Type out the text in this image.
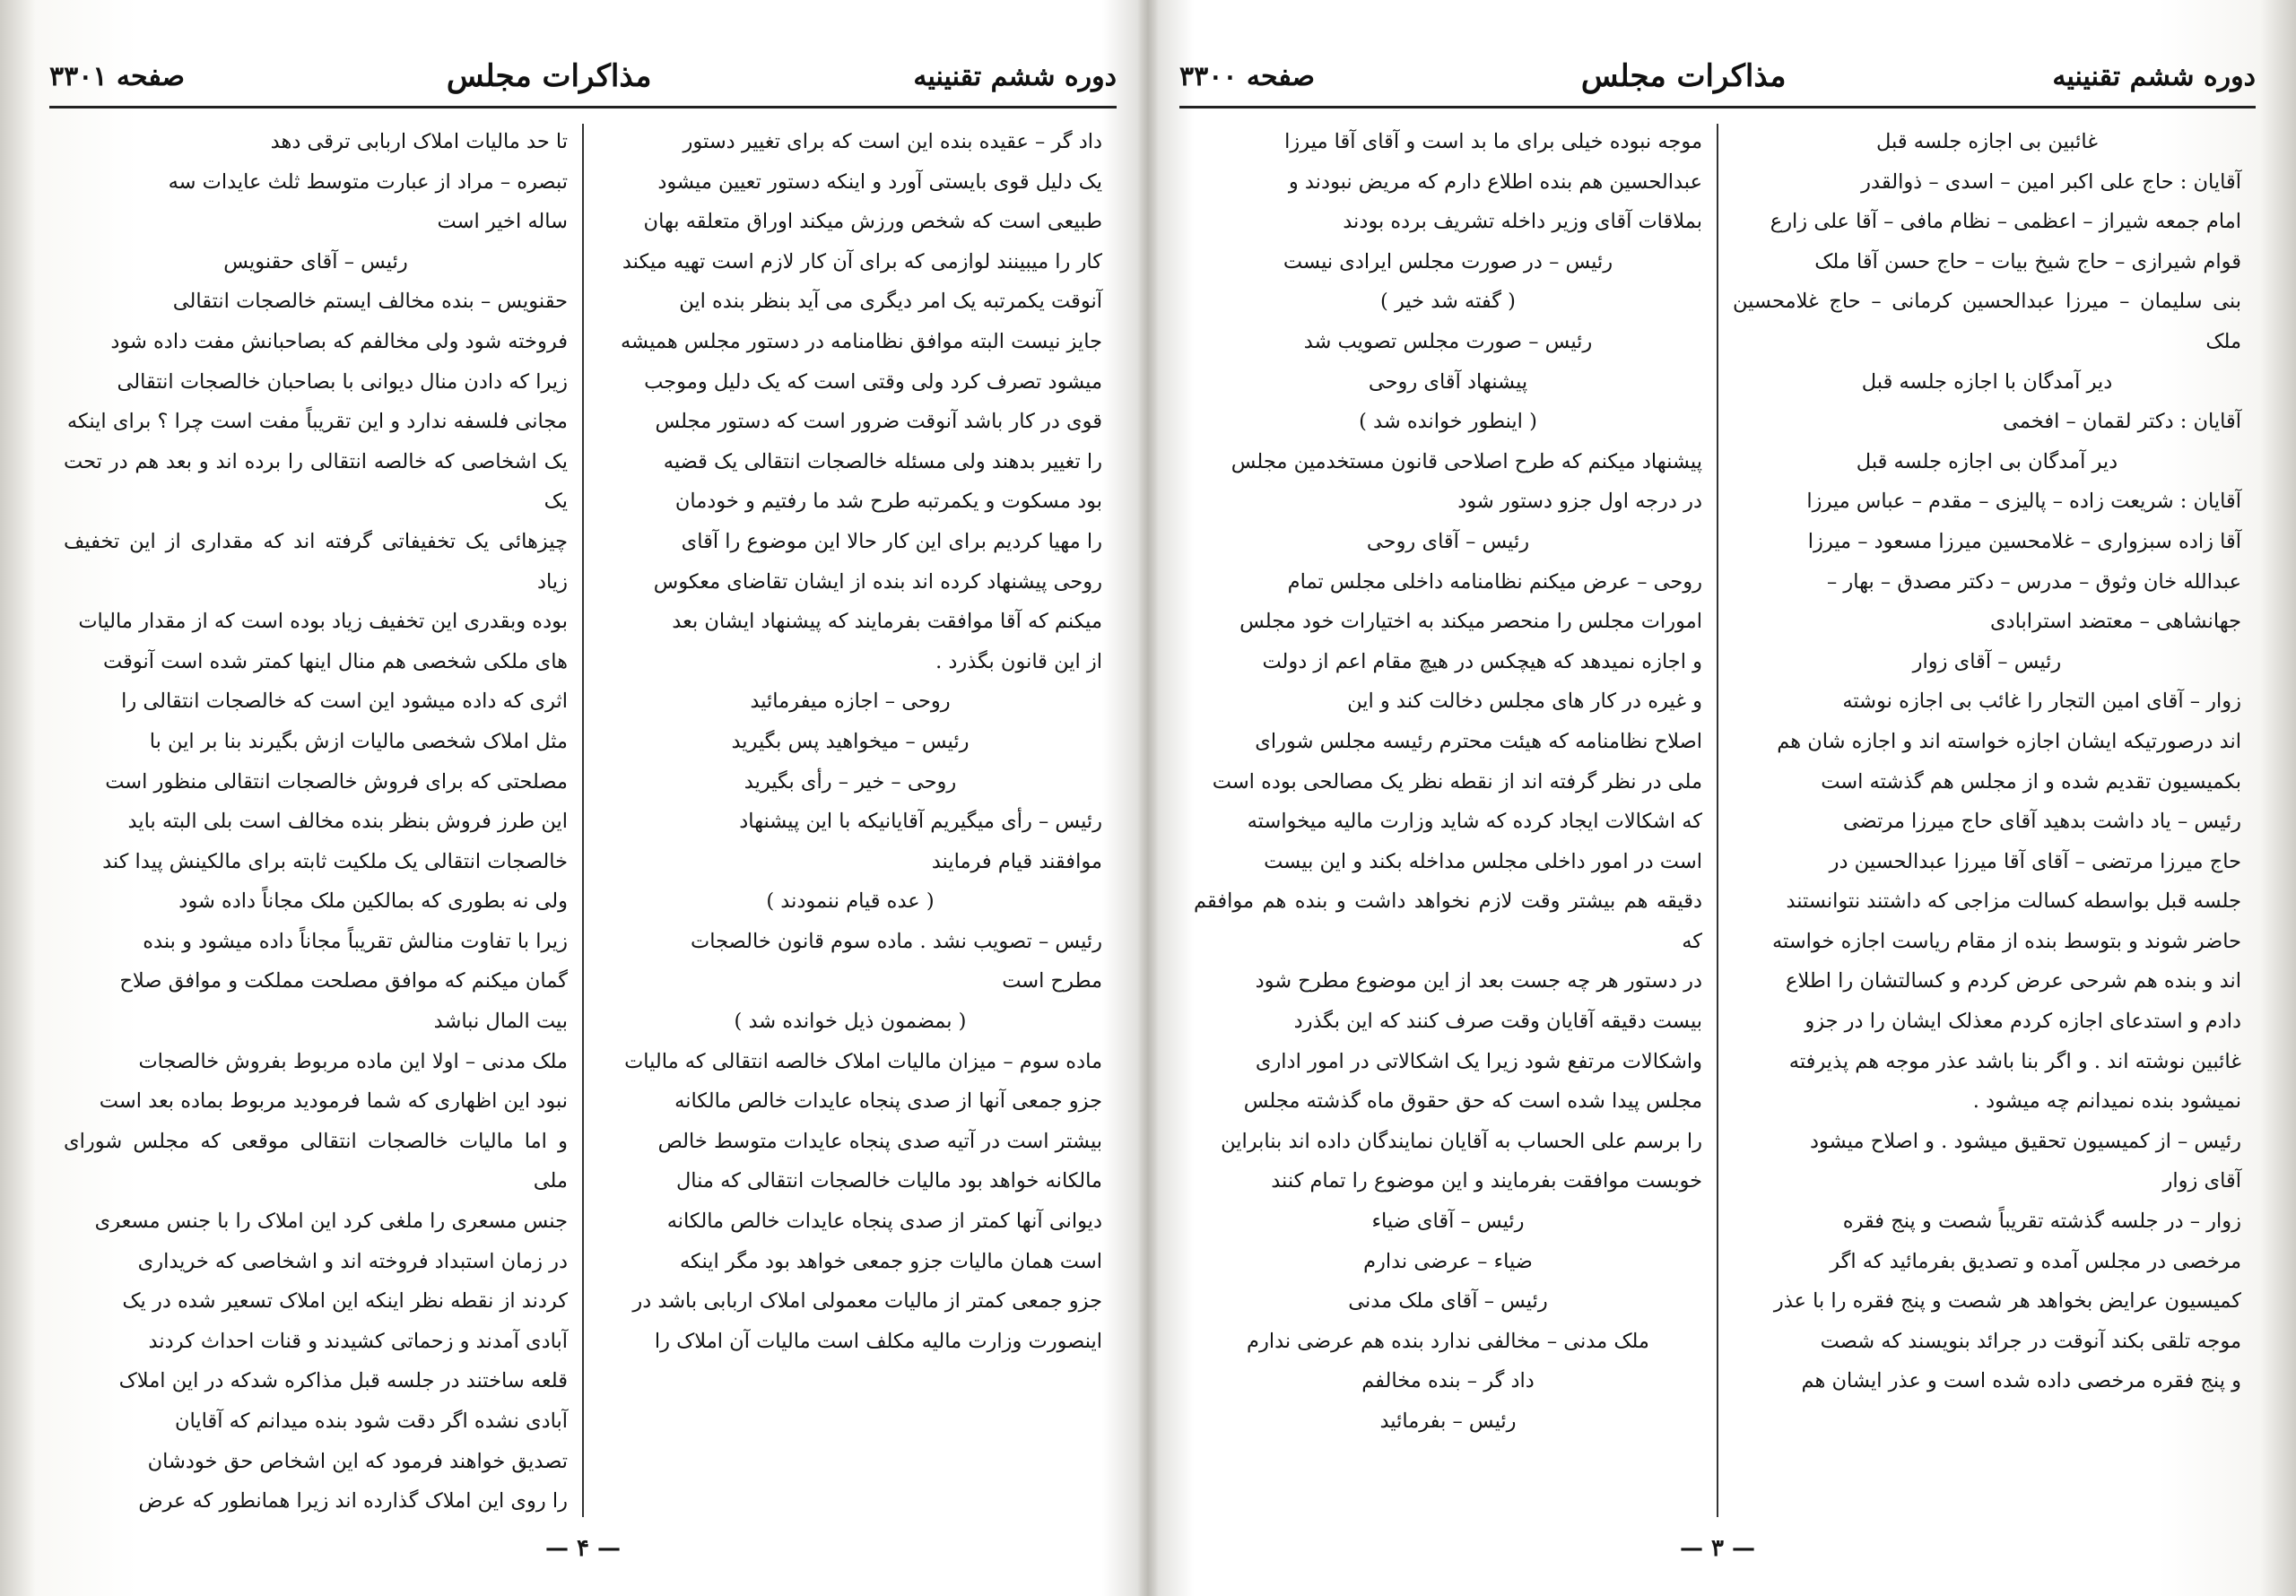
صفحه ۳۳۰۱	مذاکرات مجلس	دوره ششم تقنینیه

داد گر – عقیده بنده این است که برای تغییر دستور

یک دلیل قوی بایستی آورد و اینکه دستور تعیین میشود

طبیعی است که شخص ورزش میکند اوراق متعلقه بهان

کار را میبینند لوازمی که برای آن کار لازم است تهیه میکند

آنوقت یکمرتبه یک امر دیگری می آید بنظر بنده این

جایز نیست البته موافق نظامنامه در دستور مجلس همیشه

میشود تصرف کرد ولی وقتی است که یک دلیل وموجب

قوی در کار باشد آنوقت ضرور است که دستور مجلس

را تغییر بدهند ولی مسئله خالصجات انتقالی یک قضیه

بود مسکوت و یکمرتبه طرح شد ما رفتیم و خودمان

را مهیا کردیم برای این کار حالا این موضوع را آقای

روحی پیشنهاد کرده اند بنده از ایشان تقاضای معکوس

میکنم که آقا موافقت بفرمایند که پیشنهاد ایشان بعد

از این قانون بگذرد .

روحی – اجازه میفرمائید

رئیس – میخواهید پس بگیرید

روحی – خیر – رأی بگیرید

رئیس – رأی میگیریم آقایانیکه با این پیشنهاد

موافقند قیام فرمایند

( عده قیام ننمودند )

رئیس – تصویب نشد . ماده سوم قانون خالصجات

مطرح است

( بمضمون ذیل خوانده شد )

ماده سوم – میزان مالیات املاک خالصه انتقالی که مالیات

جزو جمعی آنها از صدی پنجاه عایدات خالص مالکانه

بیشتر است در آتیه صدی پنجاه عایدات متوسط خالص

مالکانه خواهد بود مالیات خالصجات انتقالی که منال

دیوانی آنها کمتر از صدی پنجاه عایدات خالص مالکانه

است همان مالیات جزو جمعی خواهد بود مگر اینکه

جزو جمعی کمتر از مالیات معمولی املاک اربابی باشد در

اینصورت وزارت مالیه مکلف است مالیات آن املاک را

تا حد مالیات املاک اربابی ترقی دهد

تبصره – مراد از عبارت متوسط ثلث عایدات سه

ساله اخیر است

رئیس – آقای حقنویس

حقنویس – بنده مخالف ایستم خالصجات انتقالی

فروخته شود ولی مخالفم که بصاحبانش مفت داده شود

زیرا که دادن منال دیوانی با بصاحبان خالصجات انتقالی

مجانی فلسفه ندارد و این تقریباً مفت است چرا ؟ برای اینکه

یک اشخاصی که خالصه انتقالی را برده اند و بعد هم در تحت یک

چیزهائی یک تخفیفاتی گرفته اند که مقداری از این تخفیف زیاد

بوده وبقدری این تخفیف زیاد بوده است که از مقدار مالیات

های ملکی شخصی هم منال اینها کمتر شده است آنوقت

اثری که داده میشود این است که خالصجات انتقالی را

مثل املاک شخصی مالیات ازش بگیرند بنا بر این با

مصلحتی که برای فروش خالصجات انتقالی منظور است

این طرز فروش بنظر بنده مخالف است بلی البته باید

خالصجات انتقالی یک ملکیت ثابته برای مالکینش پیدا کند

ولی نه بطوری که بمالکین ملک مجاناً داده شود

زیرا با تفاوت منالش تقریباً مجاناً داده میشود و بنده

گمان میکنم که موافق مصلحت مملکت و موافق صلاح

بیت المال نباشد

ملک مدنی – اولا این ماده مربوط بفروش خالصجات

نبود این اظهاری که شما فرمودید مربوط بماده بعد است

و اما مالیات خالصجات انتقالی موقعی که مجلس شورای ملی

جنس مسعری را ملغی کرد این املاک را با جنس مسعری

در زمان استبداد فروخته اند و اشخاصی که خریداری

کردند از نقطه نظر اینکه این املاک تسعیر شده در یک

آبادی آمدند و زحماتی کشیدند و قنات احداث کردند

قلعه ساختند در جلسه قبل مذاکره شدکه در این املاک

آبادی نشده اگر دقت شود بنده میدانم که آقایان

تصدیق خواهند فرمود که این اشخاص حق خودشان

را روی این املاک گذارده اند زیرا همانطور که عرض

— ۴ —
صفحه ۳۳۰۰	مذاکرات مجلس	دوره ششم تقنینیه

غائبین بی اجازه جلسه قبل

آقایان : حاج علی اکبر امین – اسدی – ذوالقدر

امام جمعه شیراز – اعظمی – نظام مافی – آقا علی زارع

قوام شیرازی – حاج شیخ بیات – حاج حسن آقا ملک

بنی سلیمان – میرزا عبدالحسین کرمانی – حاج غلامحسین ملک

دیر آمدگان با اجازه جلسه قبل

آقایان : دکتر لقمان – افخمی

دیر آمدگان بی اجازه جلسه قبل

آقایان : شریعت زاده – پالیزی – مقدم – عباس میرزا

آقا زاده سبزواری – غلامحسین میرزا مسعود – میرزا

عبدالله خان وثوق – مدرس – دکتر مصدق – بهار –

جهانشاهی – معتضد استرابادی

رئیس – آقای زوار

زوار – آقای امین التجار را غائب بی اجازه نوشته

اند درصورتیکه ایشان اجازه خواسته اند و اجازه شان هم

بکمیسیون تقدیم شده و از مجلس هم گذشته است

رئیس – یاد داشت بدهید آقای حاج میرزا مرتضی

حاج میرزا مرتضی – آقای آقا میرزا عبدالحسین در

جلسه قبل بواسطه کسالت مزاجی که داشتند نتوانستند

حاضر شوند و بتوسط بنده از مقام ریاست اجازه خواسته

اند و بنده هم شرحی عرض کردم و کسالتشان را اطلاع

دادم و استدعای اجازه کردم معذلک ایشان را در جزو

غائبین نوشته اند . و اگر بنا باشد عذر موجه هم پذیرفته

نمیشود بنده نمیدانم چه میشود .

رئیس – از کمیسیون تحقیق میشود . و اصلاح میشود

آقای زوار

زوار – در جلسه گذشته تقریباً شصت و پنج فقره

مرخصی در مجلس آمده و تصدیق بفرمائید که اگر

کمیسیون عرایض بخواهد هر شصت و پنج فقره را با عذر

موجه تلقی بکند آنوقت در جرائد بنویسند که شصت

و پنج فقره مرخصی داده شده است و عذر ایشان هم

موجه نبوده خیلی برای ما بد است و آقای آقا میرزا

عبدالحسین هم بنده اطلاع دارم که مریض نبودند و

بملاقات آقای وزیر داخله تشریف برده بودند

رئیس – در صورت مجلس ایرادی نیست

( گفته شد خیر )

رئیس – صورت مجلس تصویب شد

پیشنهاد آقای روحی

( اینطور خوانده شد )

پیشنهاد میکنم که طرح اصلاحی قانون مستخدمین مجلس

در درجه اول جزو دستور شود

رئیس – آقای روحی

روحی – عرض میکنم نظامنامه داخلی مجلس تمام

امورات مجلس را منحصر میکند به اختیارات خود مجلس

و اجازه نمیدهد که هیچکس در هیچ مقام اعم از دولت

و غیره در کار های مجلس دخالت کند و این

اصلاح نظامنامه که هیئت محترم رئیسه مجلس شورای

ملی در نظر گرفته اند از نقطه نظر یک مصالحی بوده است

که اشکالات ایجاد کرده که شاید وزارت مالیه میخواسته

است در امور داخلی مجلس مداخله بکند و این بیست

دقیقه هم بیشتر وقت لازم نخواهد داشت و بنده هم موافقم که

در دستور هر چه جست بعد از این موضوع مطرح شود

بیست دقیقه آقایان وقت صرف کنند که این بگذرد

واشکالات مرتفع شود زیرا یک اشکالاتی در امور اداری

مجلس پیدا شده است که حق حقوق ماه گذشته مجلس

را برسم علی الحساب به آقایان نمایندگان داده اند بنابراین

خوبست موافقت بفرمایند و این موضوع را تمام کنند

رئیس – آقای ضیاء

ضیاء – عرضی ندارم

رئیس – آقای ملک مدنی

ملک مدنی – مخالفی ندارد بنده هم عرضی ندارم

داد گر – بنده مخالفم

رئیس – بفرمائید

— ۳ —
